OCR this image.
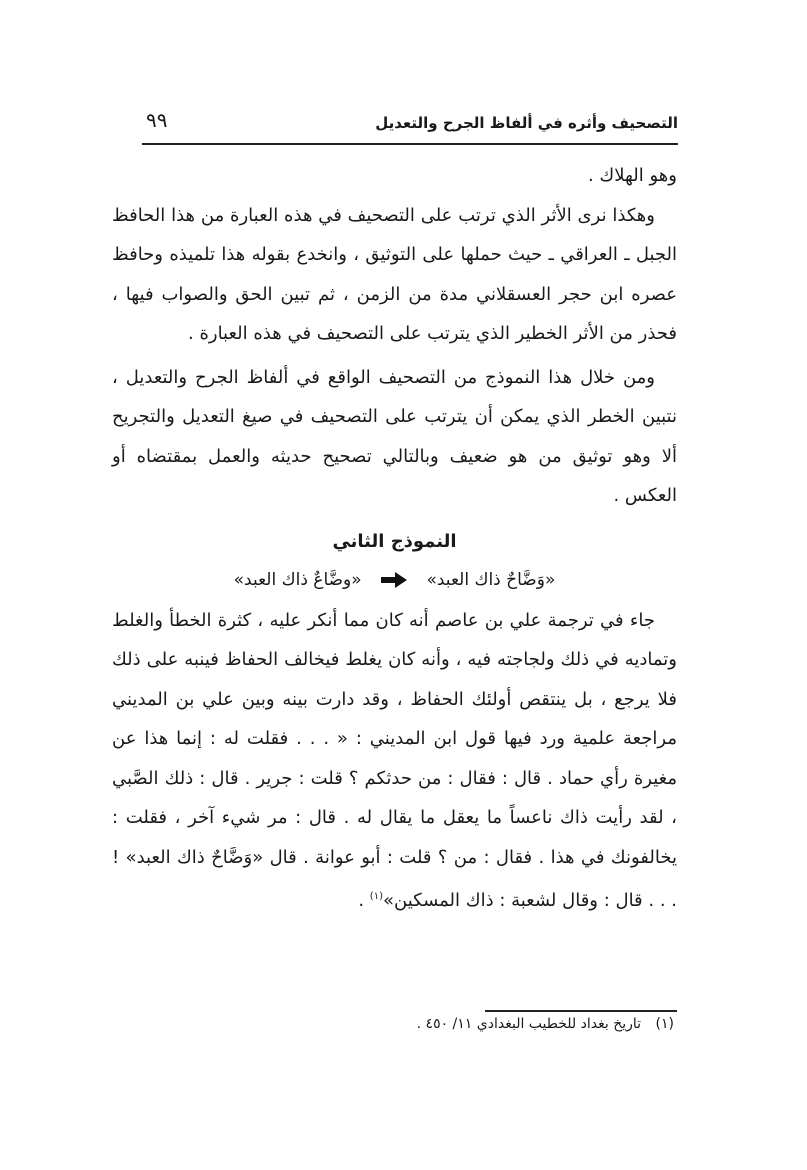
التصحيف وأثره في ألفاظ الجرح والتعديل
٩٩

وهو الهلاك .

وهكذا نرى الأثر الذي ترتب على التصحيف في هذه العبارة من هذا الحافظ الجبل ـ العراقي ـ حيث حملها على التوثيق ، وانخدع بقوله هذا تلميذه وحافظ عصره ابن حجر العسقلاني مدة من الزمن ، ثم تبين الحق والصواب فيها ، فحذر من الأثر الخطير الذي يترتب على التصحيف في هذه العبارة .

ومن خلال هذا النموذج من التصحيف الواقع في ألفاظ الجرح والتعديل ، نتبين الخطر الذي يمكن أن يترتب على التصحيف في صيغ التعديل والتجريح ألا وهو توثيق من هو ضعيف وبالتالي تصحيح حديثه والعمل بمقتضاه أو العكس .

النموذج الثاني

«وَضَّاحٌ ذاك العبد»  «وضَّاعٌ ذاك العبد»

جاء في ترجمة علي بن عاصم أنه كان مما أنكر عليه ، كثرة الخطأ والغلط وتماديه في ذلك ولجاجته فيه ، وأنه كان يغلط فيخالف الحفاظ فينبه على ذلك فلا يرجع ، بل ينتقص أولئك الحفاظ ، وقد دارت بينه وبين علي بن المديني مراجعة علمية ورد فيها قول ابن المديني : « . . . فقلت له : إنما هذا عن مغيرة رأي حماد . قال : فقال : من حدثكم ؟ قلت : جرير . قال : ذلك الصَّبي ، لقد رأيت ذاك ناعساً ما يعقل ما يقال له . قال : مر شيء آخر ، فقلت : يخالفونك في هذا . فقال : من ؟ قلت : أبو عوانة . قال «وَضَّاحٌ ذاك العبد» ! . . . قال : وقال لشعبة : ذاك المسكين»$^{(١)}$ .

(١) تاريخ بغداد للخطيب البغدادي ١١/ ٤٥٠ .
